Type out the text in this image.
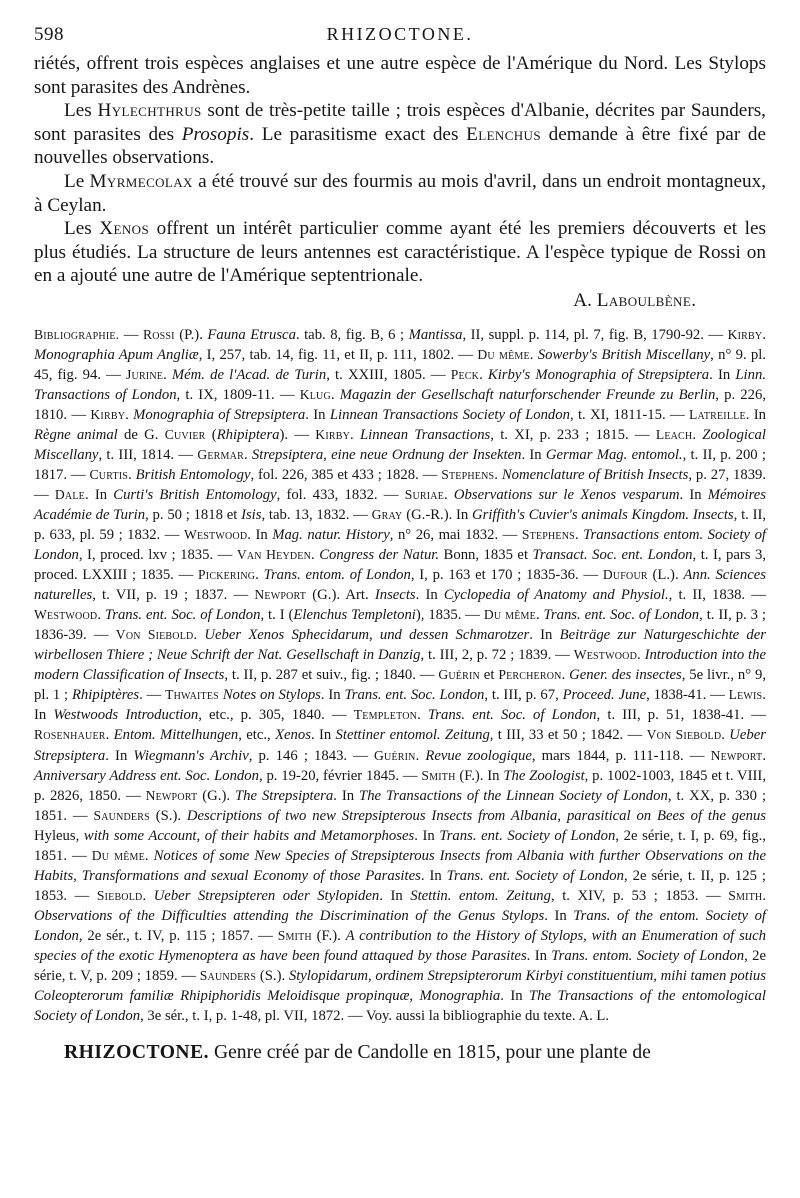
598	RHIZOCTONE.

riétés, offrent trois espèces anglaises et une autre espèce de l'Amérique du Nord. Les Stylops sont parasites des Andrènes.

Les Hylechthrus sont de très-petite taille ; trois espèces d'Albanie, décrites par Saunders, sont parasites des Prosopis. Le parasitisme exact des Elenchus demande à être fixé par de nouvelles observations.

Le Myrmecolax a été trouvé sur des fourmis au mois d'avril, dans un endroit montagneux, à Ceylan.

Les Xenos offrent un intérêt particulier comme ayant été les premiers découverts et les plus étudiés. La structure de leurs antennes est caractéristique. A l'espèce typique de Rossi on en a ajouté une autre de l'Amérique septentrionale.

A. Laboulbène.

Bibliographie. — Rossi (P.). Fauna Etrusca. tab. 8, fig. B, 6 ; Mantissa, II, suppl. p. 114, pl. 7, fig. B, 1790-92. — Kirby. Monographia Apum Angliæ, I, 257, tab. 14, fig. 11, et II, p. 111, 1802. — Du même. Sowerby's British Miscellany, n° 9. pl. 45, fig. 94. — Jurine. Mém. de l'Acad. de Turin, t. XXIII, 1805. — Peck. Kirby's Monographia of Strepsiptera. In Linn. Transactions of London, t. IX, 1809-11. — Klug. Magazin der Gesellschaft naturforschender Freunde zu Berlin, p. 226, 1810. — Kirby. Monographia of Strepsiptera. In Linnean Transactions Society of London, t. XI, 1811-15. — Latreille. In Règne animal de G. Cuvier (Rhipiptera). — Kirby. Linnean Transactions, t. XI, p. 233 ; 1815. — Leach. Zoological Miscellany, t. III, 1814. — Germar. Strepsiptera, eine neue Ordnung der Insekten. In Germar Mag. entomol., t. II, p. 200 ; 1817. — Curtis. British Entomology, fol. 226, 385 et 433 ; 1828. — Stephens. Nomenclature of British Insects, p. 27, 1839. — Dale. In Curti's British Entomology, fol. 433, 1832. — Suriae. Observations sur le Xenos vesparum. In Mémoires Académie de Turin, p. 50 ; 1818 et Isis, tab. 13, 1832. — Gray (G.-R.). In Griffith's Cuvier's animals Kingdom. Insects, t. II, p. 633, pl. 59 ; 1832. — Westwood. In Mag. natur. History, n° 26, mai 1832. — Stephens. Transactions entom. Society of London, I, proced. lxv ; 1835. — Van Heyden. Congress der Natur. Bonn, 1835 et Transact. Soc. ent. London, t. I, pars 3, proced. LXXIII ; 1835. — Pickering. Trans. entom. of London, I, p. 163 et 170 ; 1835-36. — Dufour (L.). Ann. Sciences naturelles, t. VII, p. 19 ; 1837. — Newport (G.). Art. Insects. In Cyclopedia of Anatomy and Physiol., t. II, 1838. — Westwood. Trans. ent. Soc. of London, t. I (Elenchus Templetoni), 1835. — Du même. Trans. ent. Soc. of London, t. II, p. 3 ; 1836-39. — Von Siebold. Ueber Xenos Sphecidarum, und dessen Schmarotzer. In Beiträge zur Naturgeschichte der wirbellosen Thiere ; Neue Schrift der Nat. Gesellschaft in Danzig, t. III, 2, p. 72 ; 1839. — Westwood. Introduction into the modern Classification of Insects, t. II, p. 287 et suiv., fig. ; 1840. — Guérin et Percheron. Gener. des insectes, 5e livr., n° 9, pl. 1 ; Rhipiptères. — Thwaites Notes on Stylops. In Trans. ent. Soc. London, t. III, p. 67, Proceed. June, 1838-41. — Lewis. In Westwoods Introduction, etc., p. 305, 1840. — Templeton. Trans. ent. Soc. of London, t. III, p. 51, 1838-41. — Rosenhauer. Entom. Mittelhungen, etc., Xenos. In Stettiner entomol. Zeitung, t III, 33 et 50 ; 1842. — Von Siebold. Ueber Strepsiptera. In Wiegmann's Archiv, p. 146 ; 1843. — Guérin. Revue zoologique, mars 1844, p. 111-118. — Newport. Anniversary Address ent. Soc. London, p. 19-20, février 1845. — Smith (F.). In The Zoologist, p. 1002-1003, 1845 et t. VIII, p. 2826, 1850. — Newport (G.). The Strepsiptera. In The Transactions of the Linnean Society of London, t. XX, p. 330 ; 1851. — Saunders (S.). Descriptions of two new Strepsipterous Insects from Albania, parasitical on Bees of the genus Hyleus, with some Account, of their habits and Metamorphoses. In Trans. ent. Society of London, 2e série, t. I, p. 69, fig., 1851. — Du même. Notices of some New Species of Strepsipterous Insects from Albania with further Observations on the Habits, Transformations and sexual Economy of those Parasites. In Trans. ent. Society of London, 2e série, t. II, p. 125 ; 1853. — Siebold. Ueber Strepsipteren oder Stylopiden. In Stettin. entom. Zeitung, t. XIV, p. 53 ; 1853. — Smith. Observations of the Difficulties attending the Discrimination of the Genus Stylops. In Trans. of the entom. Society of London, 2e sér., t. IV, p. 115 ; 1857. — Smith (F.). A contribution to the History of Stylops, with an Enumeration of such species of the exotic Hymenoptera as have been found attaqued by those Parasites. In Trans. entom. Society of London, 2e série, t. V, p. 209 ; 1859. — Saunders (S.). Stylopidarum, ordinem Strepsipterorum Kirbyi constituentium, mihi tamen potius Coleopterorum familiæ Rhipiphoridis Meloidisque propinquæ, Monographia. In The Transactions of the entomological Society of London, 3e sér., t. I, p. 1-48, pl. VII, 1872. — Voy. aussi la bibliographie du texte. A. L.
RHIZOCTONE. Genre créé par de Candolle en 1815, pour une plante de
